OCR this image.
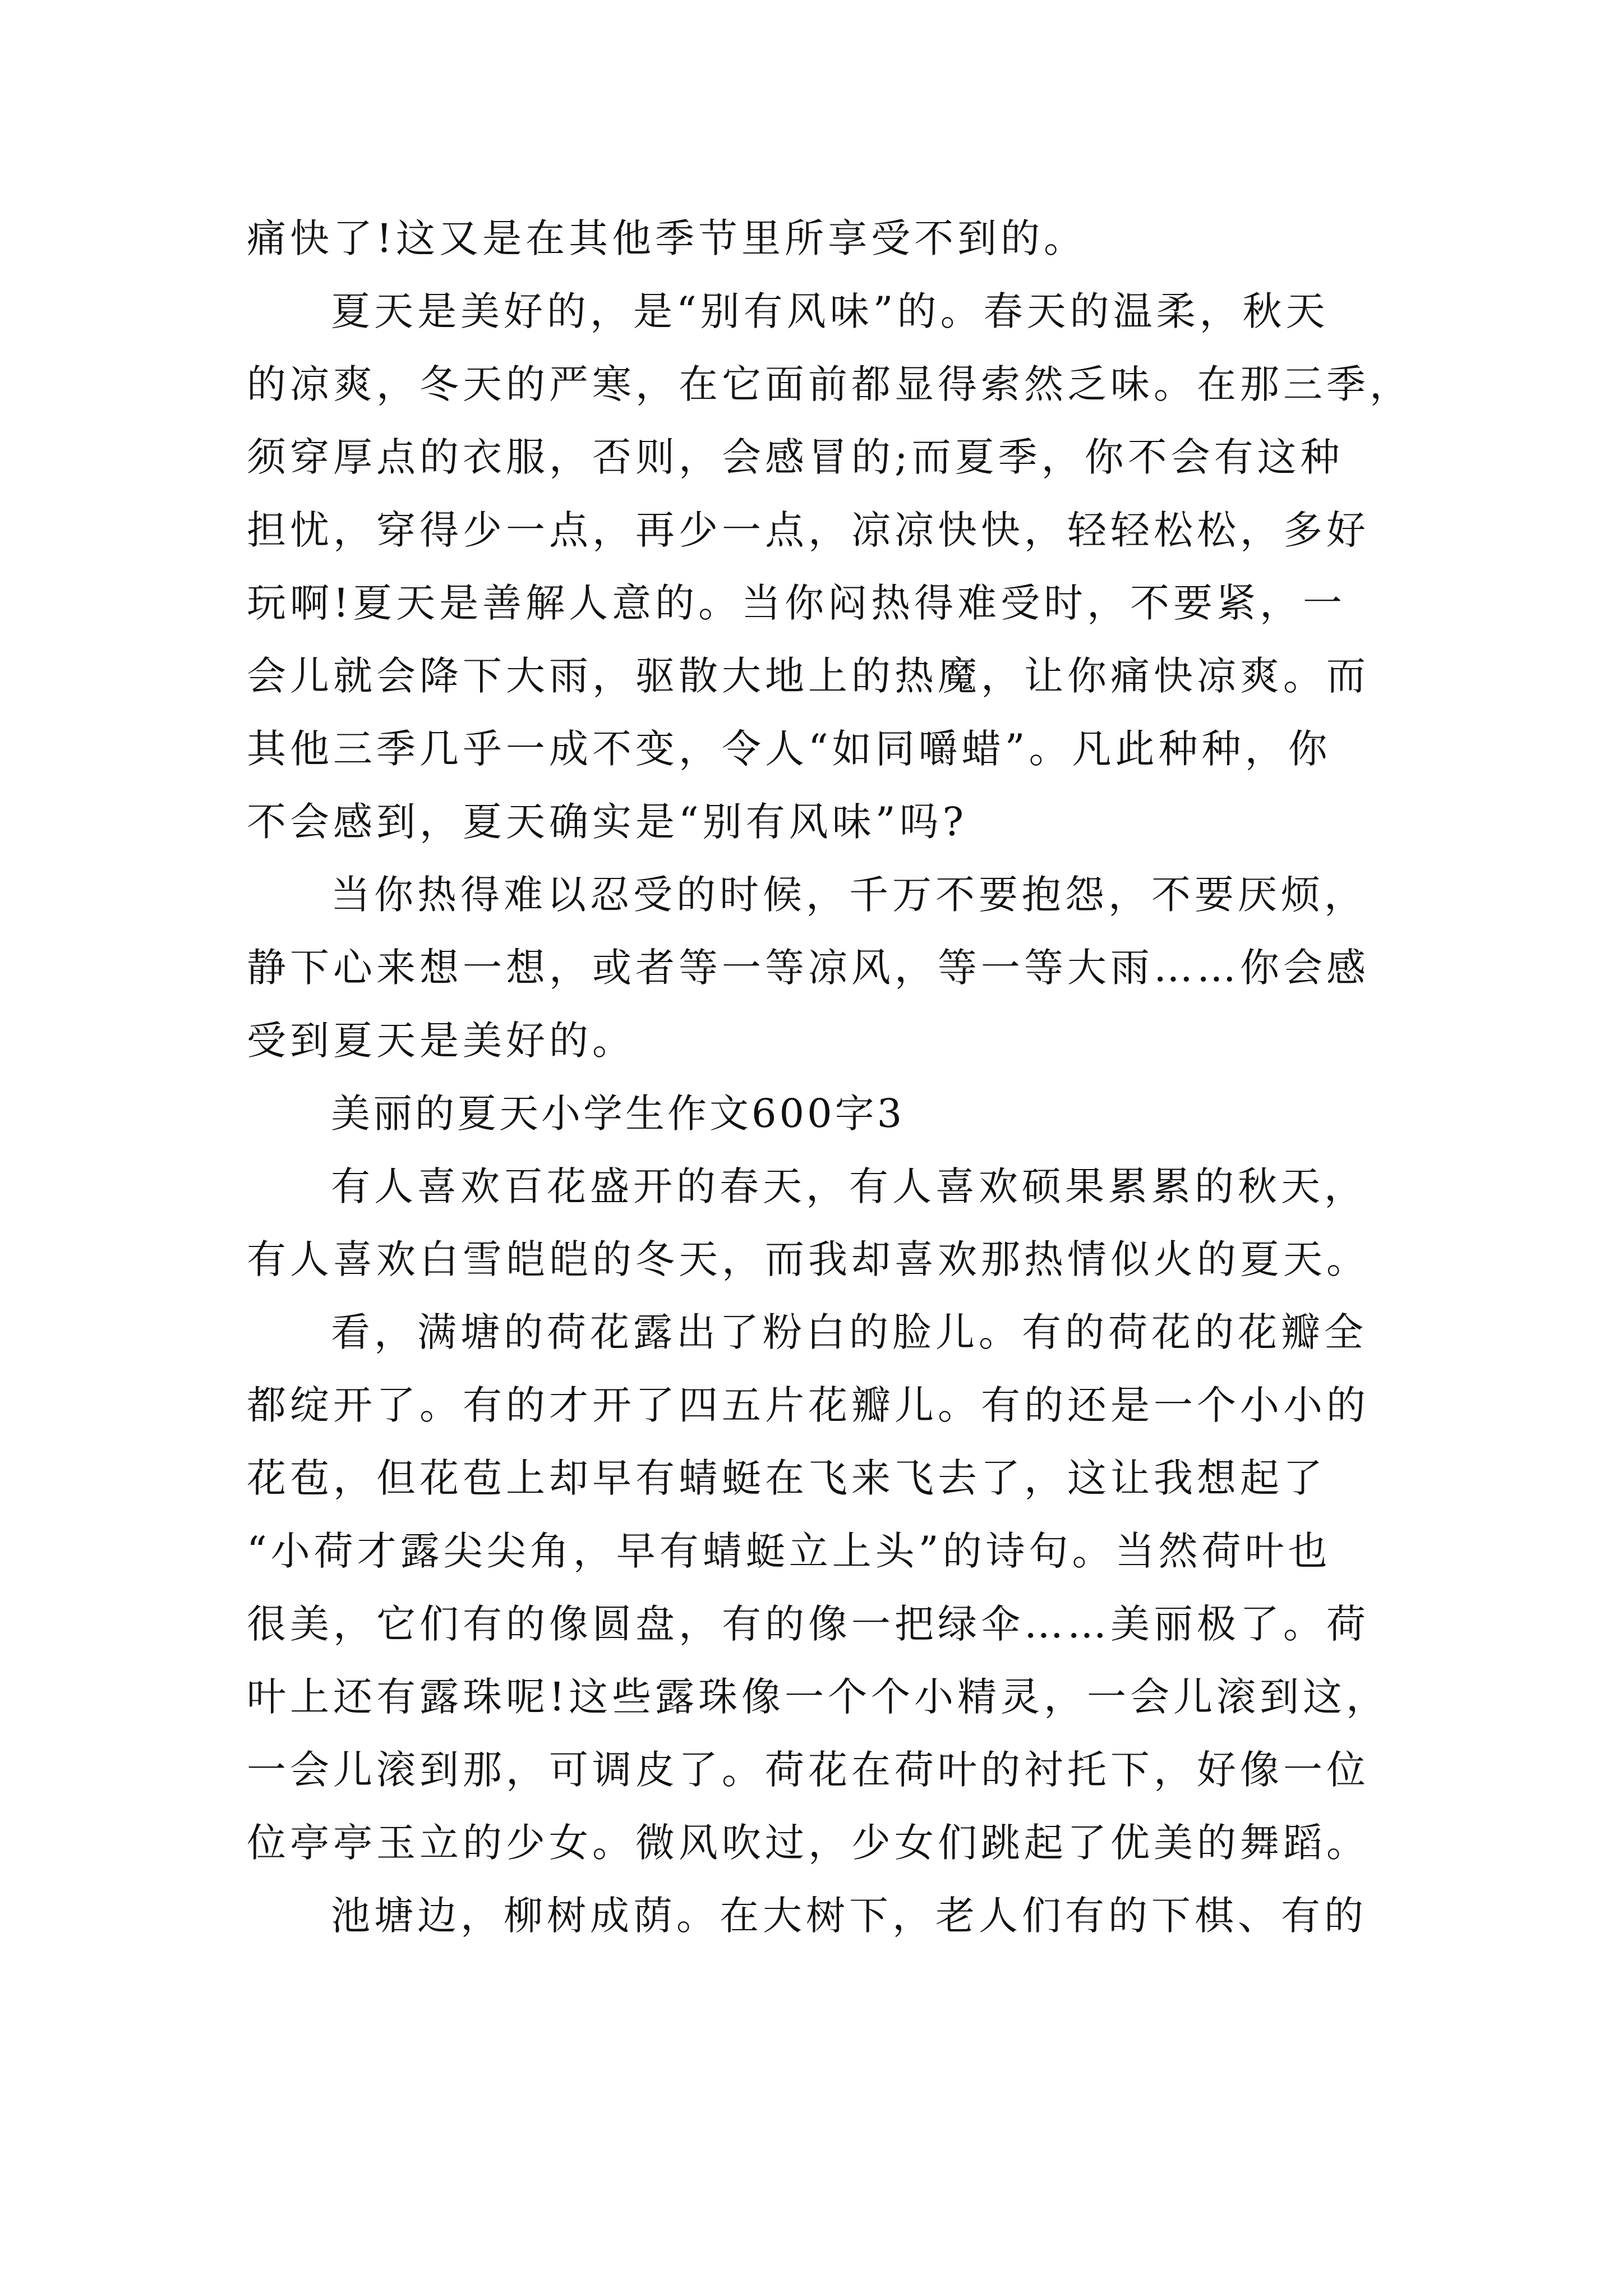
痛快了!这又是在其他季节里所享受不到的。
夏天是美好的，是“别有风味”的。春天的温柔，秋天
的凉爽，冬天的严寒，在它面前都显得索然乏味。在那三季，
须穿厚点的衣服，否则，会感冒的;而夏季，你不会有这种
担忧，穿得少一点，再少一点，凉凉快快，轻轻松松，多好
玩啊!夏天是善解人意的。当你闷热得难受时，不要紧，一
会儿就会降下大雨，驱散大地上的热魔，让你痛快凉爽。而
其他三季几乎一成不变，令人“如同嚼蜡”。凡此种种，你
不会感到，夏天确实是“别有风味”吗?
当你热得难以忍受的时候，千万不要抱怨，不要厌烦，
静下心来想一想，或者等一等凉风，等一等大雨……你会感
受到夏天是美好的。
美丽的夏天小学生作文600字3
有人喜欢百花盛开的春天，有人喜欢硕果累累的秋天，
有人喜欢白雪皑皑的冬天，而我却喜欢那热情似火的夏天。
看，满塘的荷花露出了粉白的脸儿。有的荷花的花瓣全
都绽开了。有的才开了四五片花瓣儿。有的还是一个小小的
花苞，但花苞上却早有蜻蜓在飞来飞去了，这让我想起了
“小荷才露尖尖角，早有蜻蜓立上头”的诗句。当然荷叶也
很美，它们有的像圆盘，有的像一把绿伞……美丽极了。荷
叶上还有露珠呢!这些露珠像一个个小精灵，一会儿滚到这，
一会儿滚到那，可调皮了。荷花在荷叶的衬托下，好像一位
位亭亭玉立的少女。微风吹过，少女们跳起了优美的舞蹈。
池塘边，柳树成荫。在大树下，老人们有的下棋、有的
